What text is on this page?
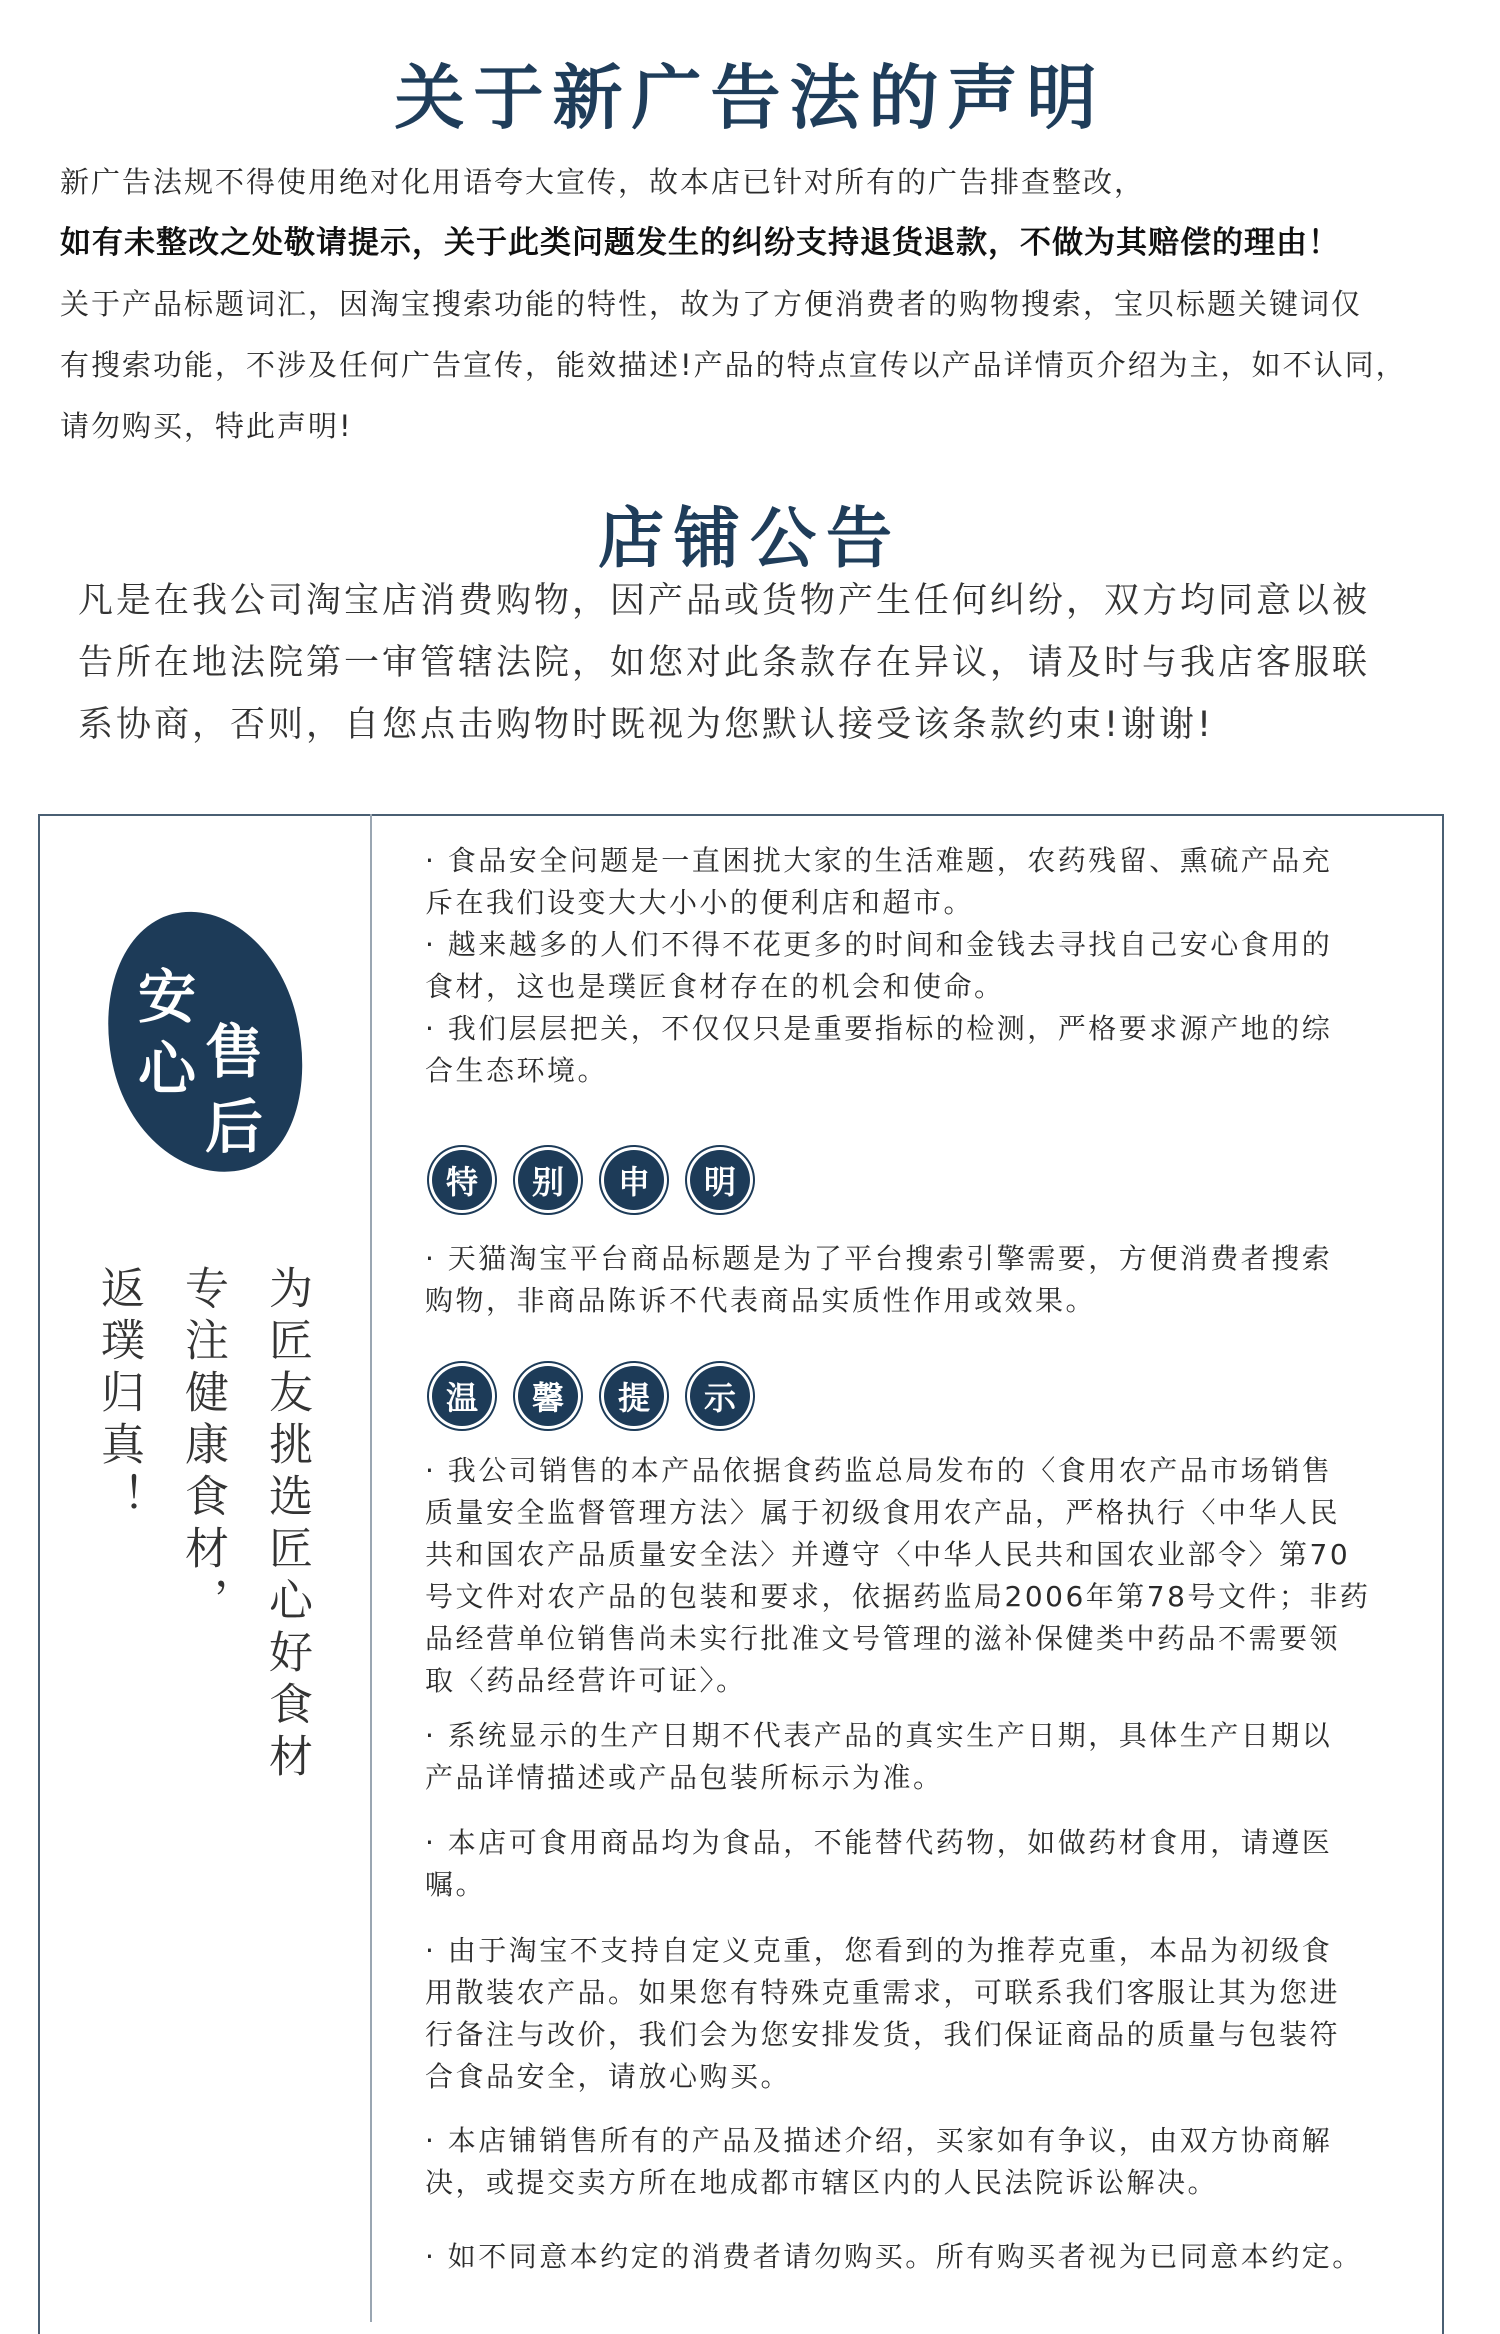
关于新广告法的声明

新广告法规不得使用绝对化用语夸大宣传，故本店已针对所有的广告排查整改，

如有未整改之处敬请提示，关于此类问题发生的纠纷支持退货退款，不做为其赔偿的理由！

关于产品标题词汇，因淘宝搜索功能的特性，故为了方便消费者的购物搜索，宝贝标题关键词仅

有搜索功能，不涉及任何广告宣传，能效描述!产品的特点宣传以产品详情页介绍为主，如不认同，

请勿购买，特此声明!

店铺公告

凡是在我公司淘宝店消费购物，因产品或货物产生任何纠纷，双方均同意以被

告所在地法院第一审管辖法院，如您对此条款存在异议，请及时与我店客服联

系协商，否则，自您点击购物时既视为您默认接受该条款约束!谢谢!

安
心 售
后
为匠友挑选匠心好食材
专注健康食材，
返璞归真！

· 食品安全问题是一直困扰大家的生活难题，农药残留、熏硫产品充

斥在我们设变大大小小的便利店和超市。

· 越来越多的人们不得不花更多的时间和金钱去寻找自己安心食用的

食材，这也是璞匠食材存在的机会和使命。

· 我们层层把关，不仅仅只是重要指标的检测，严格要求源产地的综

合生态环境。

特	别	申	明

· 天猫淘宝平台商品标题是为了平台搜索引擎需要，方便消费者搜索

购物，非商品陈诉不代表商品实质性作用或效果。

温	馨	提	示

· 我公司销售的本产品依据食药监总局发布的〈食用农产品市场销售

质量安全监督管理方法〉属于初级食用农产品，严格执行〈中华人民

共和国农产品质量安全法〉并遵守〈中华人民共和国农业部令〉第70

号文件对农产品的包装和要求，依据药监局2006年第78号文件；非药

品经营单位销售尚未实行批准文号管理的滋补保健类中药品不需要领

取〈药品经营许可证〉。

· 系统显示的生产日期不代表产品的真实生产日期，具体生产日期以

产品详情描述或产品包装所标示为准。

· 本店可食用商品均为食品，不能替代药物，如做药材食用，请遵医

嘱。

· 由于淘宝不支持自定义克重，您看到的为推荐克重，本品为初级食

用散装农产品。如果您有特殊克重需求，可联系我们客服让其为您进

行备注与改价，我们会为您安排发货，我们保证商品的质量与包装符

合食品安全，请放心购买。

· 本店铺销售所有的产品及描述介绍，买家如有争议，由双方协商解

决，或提交卖方所在地成都市辖区内的人民法院诉讼解决。

· 如不同意本约定的消费者请勿购买。所有购买者视为已同意本约定。
